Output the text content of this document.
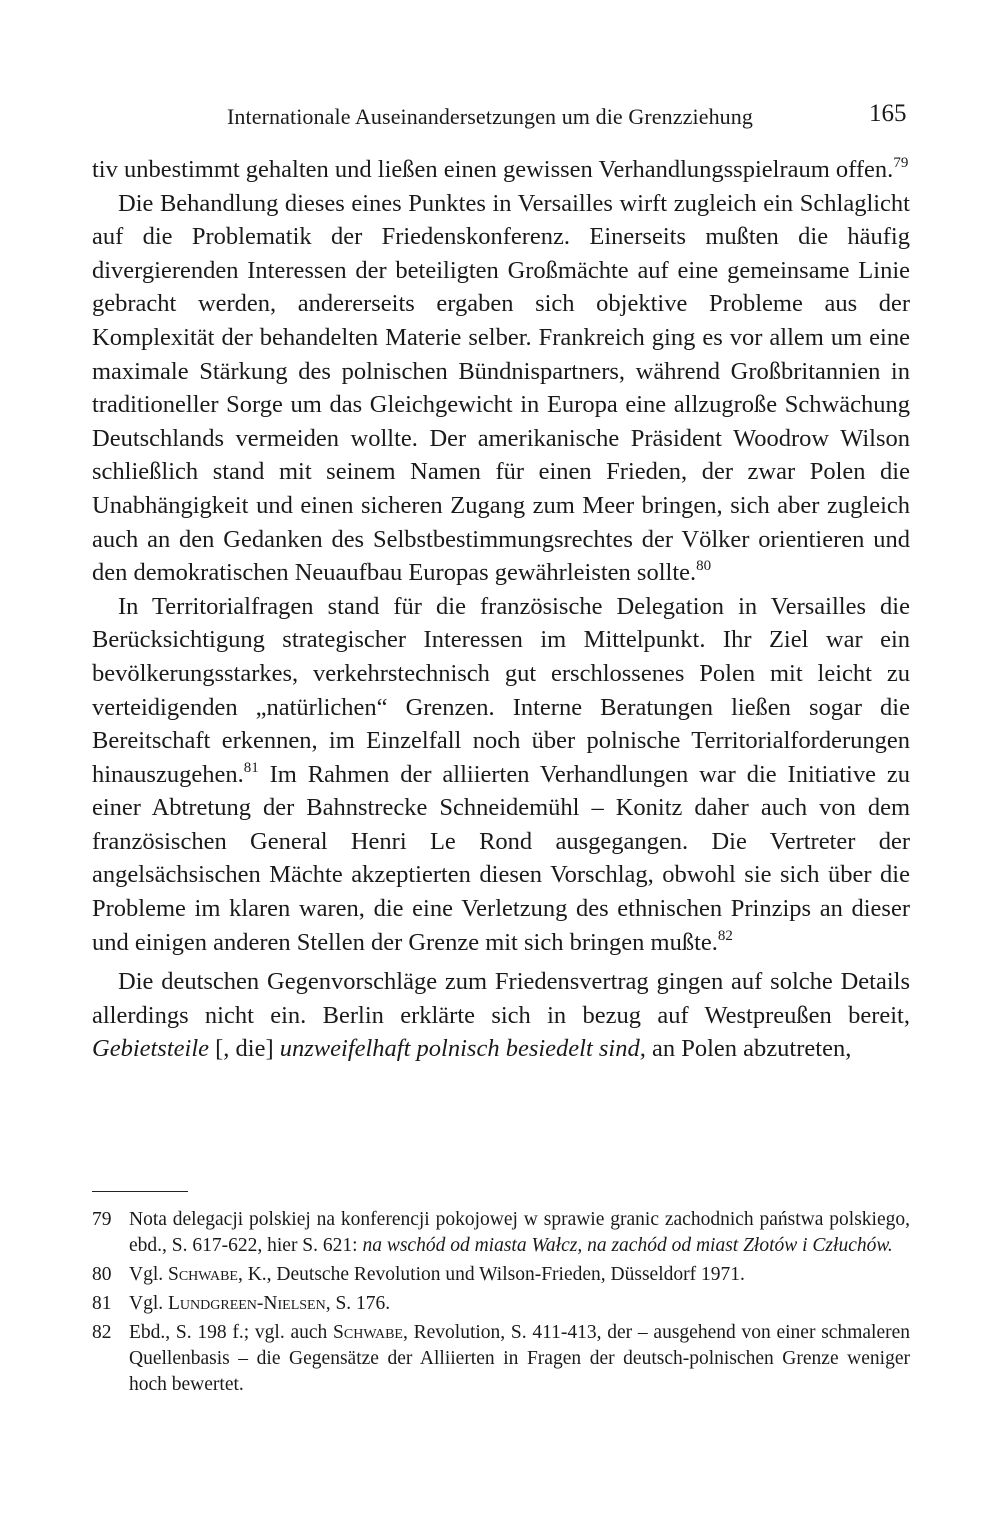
Internationale Auseinandersetzungen um die Grenzziehung	165

tiv unbestimmt gehalten und ließen einen gewissen Verhandlungsspielraum offen.$^{79}$

Die Behandlung dieses eines Punktes in Versailles wirft zugleich ein Schlaglicht auf die Problematik der Friedenskonferenz. Einerseits mußten die häufig divergierenden Interessen der beteiligten Großmächte auf eine gemeinsame Linie gebracht werden, andererseits ergaben sich objektive Probleme aus der Komplexität der behandelten Materie selber. Frankreich ging es vor allem um eine maximale Stärkung des polnischen Bündnispartners, während Großbritannien in traditioneller Sorge um das Gleichgewicht in Europa eine allzugroße Schwächung Deutschlands vermeiden wollte. Der amerikanische Präsident Woodrow Wilson schließlich stand mit seinem Namen für einen Frieden, der zwar Polen die Unabhängigkeit und einen sicheren Zugang zum Meer bringen, sich aber zugleich auch an den Gedanken des Selbstbestimmungsrechtes der Völker orientieren und den demokratischen Neuaufbau Europas gewährleisten sollte.$^{80}$

In Territorialfragen stand für die französische Delegation in Versailles die Berücksichtigung strategischer Interessen im Mittelpunkt. Ihr Ziel war ein bevölkerungsstarkes, verkehrstechnisch gut erschlossenes Polen mit leicht zu verteidigenden „natürlichen“ Grenzen. Interne Beratungen ließen sogar die Bereitschaft erkennen, im Einzelfall noch über polnische Territorialforderungen hinauszugehen.$^{81}$ Im Rahmen der alliierten Verhandlungen war die Initiative zu einer Abtretung der Bahnstrecke Schneidemühl – Konitz daher auch von dem französischen General Henri Le Rond ausgegangen. Die Vertreter der angelsächsischen Mächte akzeptierten diesen Vorschlag, obwohl sie sich über die Probleme im klaren waren, die eine Verletzung des ethnischen Prinzips an dieser und einigen anderen Stellen der Grenze mit sich bringen mußte.$^{82}$

Die deutschen Gegenvorschläge zum Friedensvertrag gingen auf solche Details allerdings nicht ein. Berlin erklärte sich in bezug auf Westpreußen bereit, Gebietsteile [, die] unzweifelhaft polnisch besiedelt sind, an Polen abzutreten,

79 Nota delegacji polskiej na konferencji pokojowej w sprawie granic zachodnich państwa polskiego, ebd., S. 617-622, hier S. 621: na wschód od miasta Wałcz, na zachód od miast Złotów i Człuchów.
80 Vgl. Schwabe, K., Deutsche Revolution und Wilson-Frieden, Düsseldorf 1971.
81 Vgl. Lundgreen-Nielsen, S. 176.
82 Ebd., S. 198 f.; vgl. auch Schwabe, Revolution, S. 411-413, der – ausgehend von einer schmaleren Quellenbasis – die Gegensätze der Alliierten in Fragen der deutsch-polnischen Grenze weniger hoch bewertet.
